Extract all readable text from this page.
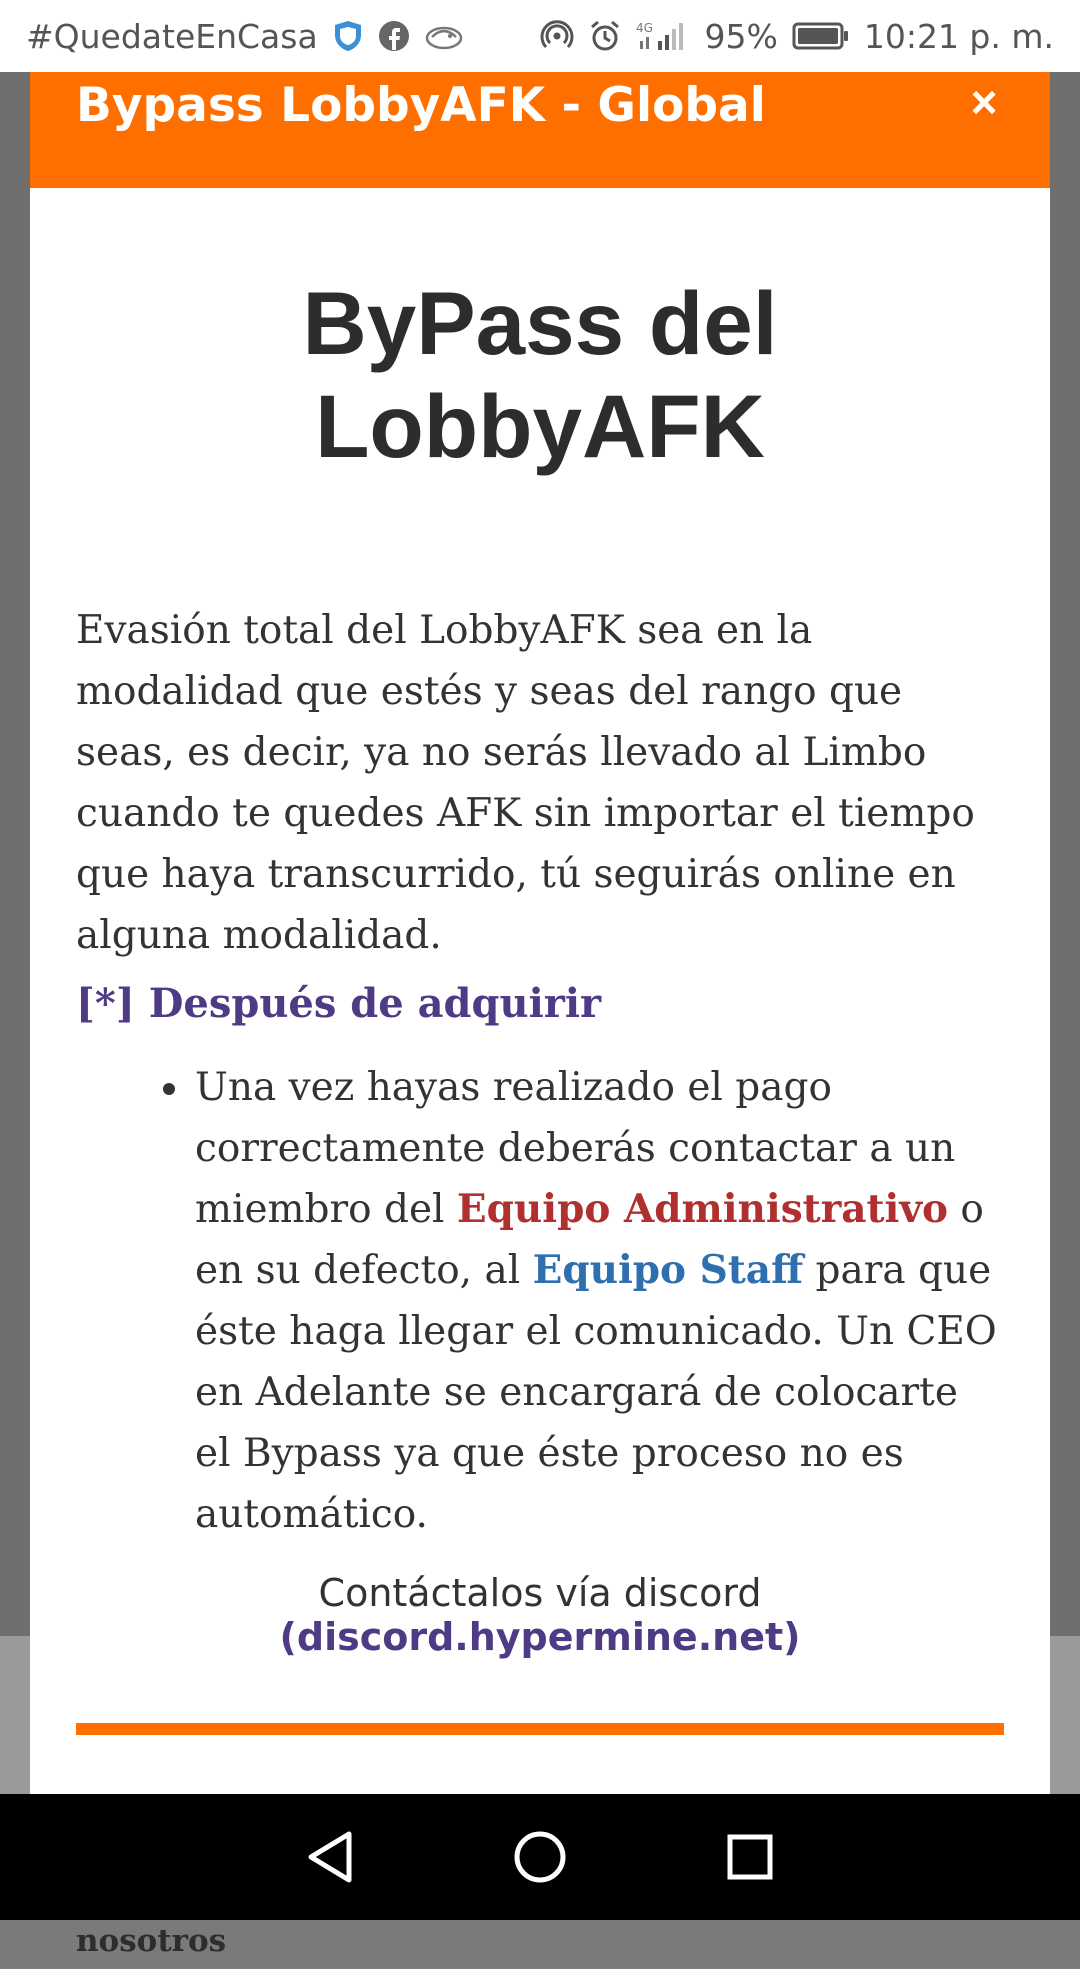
#QuedateEnCasa	4G 95%	10:21 p. m.
Bypass LobbyAFK - Global	×
ByPass del LobbyAFK

Evasión total del LobbyAFK sea en la modalidad que estés y seas del rango que seas, es decir, ya no serás llevado al Limbo cuando te quedes AFK sin importar el tiempo que haya transcurrido, tú seguirás online en alguna modalidad.

[*] Después de adquirir

Una vez hayas realizado el pago correctamente deberás contactar a un miembro del Equipo Administrativo o en su defecto, al Equipo Staff para que éste haga llegar el comunicado. Un CEO en Adelante se encargará de colocarte el Bypass ya que éste proceso no es automático.

Contáctalos vía discord (discord.hypermine.net)

nosotros
